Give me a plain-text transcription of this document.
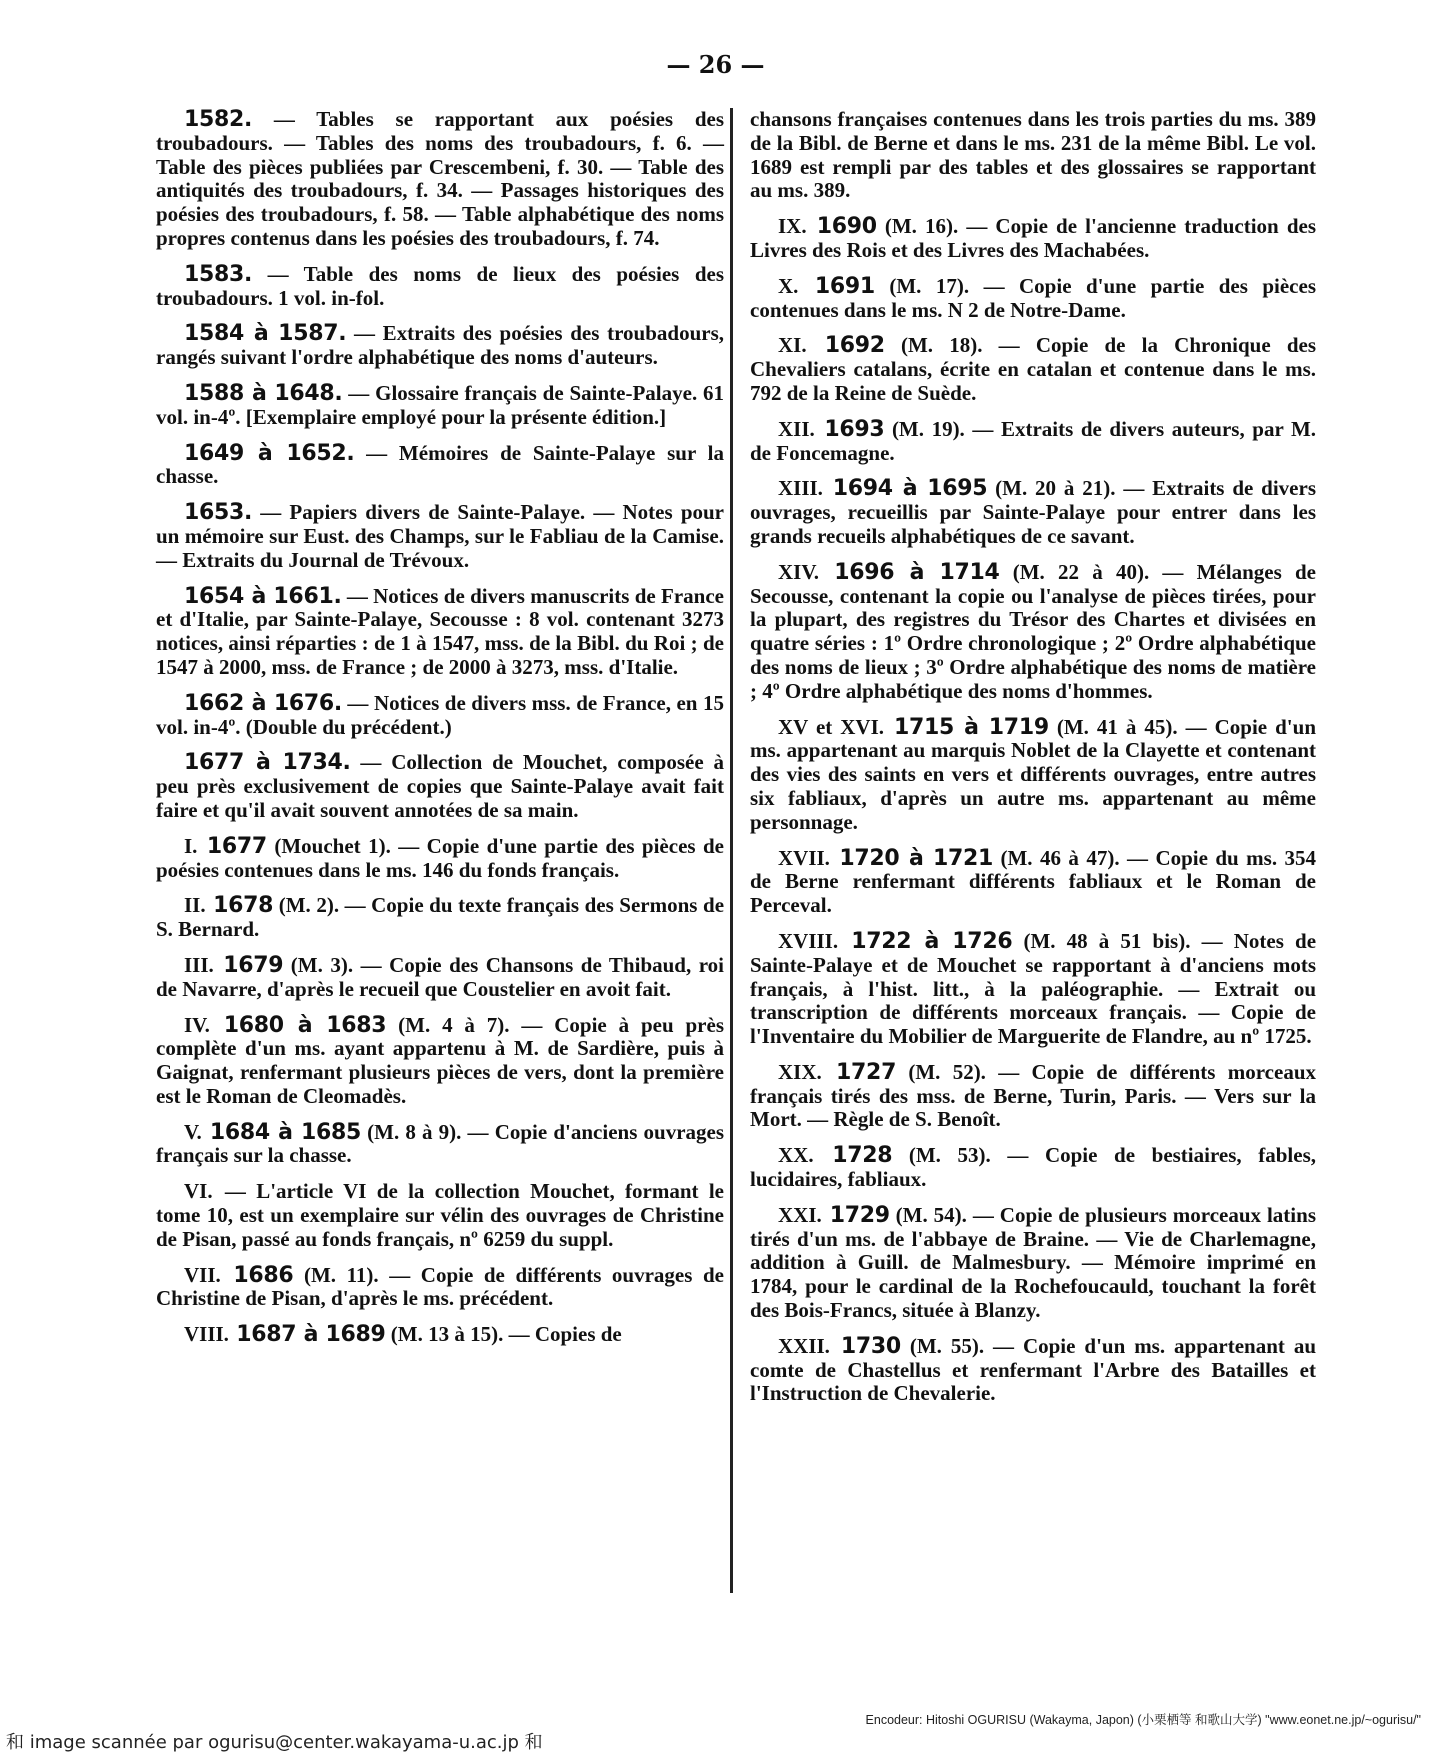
— 26 —

1582. — Tables se rapportant aux poésies des troubadours. — Tables des noms des troubadours, f. 6. — Table des pièces publiées par Crescembeni, f. 30. — Table des antiquités des troubadours, f. 34. — Passages historiques des poésies des troubadours, f. 58. — Table alphabétique des noms propres contenus dans les poésies des troubadours, f. 74.

1583. — Table des noms de lieux des poésies des troubadours. 1 vol. in-fol.

1584 à 1587. — Extraits des poésies des troubadours, rangés suivant l'ordre alphabétique des noms d'auteurs.

1588 à 1648. — Glossaire français de Sainte-Palaye. 61 vol. in-4º. [Exemplaire employé pour la présente édition.]

1649 à 1652. — Mémoires de Sainte-Palaye sur la chasse.

1653. — Papiers divers de Sainte-Palaye. — Notes pour un mémoire sur Eust. des Champs, sur le Fabliau de la Camise. — Extraits du Journal de Trévoux.

1654 à 1661. — Notices de divers manuscrits de France et d'Italie, par Sainte-Palaye, Secousse : 8 vol. contenant 3273 notices, ainsi réparties : de 1 à 1547, mss. de la Bibl. du Roi ; de 1547 à 2000, mss. de France ; de 2000 à 3273, mss. d'Italie.

1662 à 1676. — Notices de divers mss. de France, en 15 vol. in-4º. (Double du précédent.)

1677 à 1734. — Collection de Mouchet, composée à peu près exclusivement de copies que Sainte-Palaye avait fait faire et qu'il avait souvent annotées de sa main.

I. 1677 (Mouchet 1). — Copie d'une partie des pièces de poésies contenues dans le ms. 146 du fonds français.

II. 1678 (M. 2). — Copie du texte français des Sermons de S. Bernard.

III. 1679 (M. 3). — Copie des Chansons de Thibaud, roi de Navarre, d'après le recueil que Coustelier en avoit fait.

IV. 1680 à 1683 (M. 4 à 7). — Copie à peu près complète d'un ms. ayant appartenu à M. de Sardière, puis à Gaignat, renfermant plusieurs pièces de vers, dont la première est le Roman de Cleomadès.

V. 1684 à 1685 (M. 8 à 9). — Copie d'anciens ouvrages français sur la chasse.

VI. — L'article VI de la collection Mouchet, formant le tome 10, est un exemplaire sur vélin des ouvrages de Christine de Pisan, passé au fonds français, nº 6259 du suppl.

VII. 1686 (M. 11). — Copie de différents ouvrages de Christine de Pisan, d'après le ms. précédent.

VIII. 1687 à 1689 (M. 13 à 15). — Copies de

chansons françaises contenues dans les trois parties du ms. 389 de la Bibl. de Berne et dans le ms. 231 de la même Bibl. Le vol. 1689 est rempli par des tables et des glossaires se rapportant au ms. 389.

IX. 1690 (M. 16). — Copie de l'ancienne traduction des Livres des Rois et des Livres des Machabées.

X. 1691 (M. 17). — Copie d'une partie des pièces contenues dans le ms. N 2 de Notre-Dame.

XI. 1692 (M. 18). — Copie de la Chronique des Chevaliers catalans, écrite en catalan et contenue dans le ms. 792 de la Reine de Suède.

XII. 1693 (M. 19). — Extraits de divers auteurs, par M. de Foncemagne.

XIII. 1694 à 1695 (M. 20 à 21). — Extraits de divers ouvrages, recueillis par Sainte-Palaye pour entrer dans les grands recueils alphabétiques de ce savant.

XIV. 1696 à 1714 (M. 22 à 40). — Mélanges de Secousse, contenant la copie ou l'analyse de pièces tirées, pour la plupart, des registres du Trésor des Chartes et divisées en quatre séries : 1º Ordre chronologique ; 2º Ordre alphabétique des noms de lieux ; 3º Ordre alphabétique des noms de matière ; 4º Ordre alphabétique des noms d'hommes.

XV et XVI. 1715 à 1719 (M. 41 à 45). — Copie d'un ms. appartenant au marquis Noblet de la Clayette et contenant des vies des saints en vers et différents ouvrages, entre autres six fabliaux, d'après un autre ms. appartenant au même personnage.

XVII. 1720 à 1721 (M. 46 à 47). — Copie du ms. 354 de Berne renfermant différents fabliaux et le Roman de Perceval.

XVIII. 1722 à 1726 (M. 48 à 51 bis). — Notes de Sainte-Palaye et de Mouchet se rapportant à d'anciens mots français, à l'hist. litt., à la paléographie. — Extrait ou transcription de différents morceaux français. — Copie de l'Inventaire du Mobilier de Marguerite de Flandre, au nº 1725.

XIX. 1727 (M. 52). — Copie de différents morceaux français tirés des mss. de Berne, Turin, Paris. — Vers sur la Mort. — Règle de S. Benoît.

XX. 1728 (M. 53). — Copie de bestiaires, fables, lucidaires, fabliaux.

XXI. 1729 (M. 54). — Copie de plusieurs morceaux latins tirés d'un ms. de l'abbaye de Braine. — Vie de Charlemagne, addition à Guill. de Malmesbury. — Mémoire imprimé en 1784, pour le cardinal de la Rochefoucauld, touchant la forêt des Bois-Francs, située à Blanzy.

XXII. 1730 (M. 55). — Copie d'un ms. appartenant au comte de Chastellus et renfermant l'Arbre des Batailles et l'Instruction de Chevalerie.

Encodeur: Hitoshi OGURISU (Wakayma, Japon) (小栗栖等 和歌山大学) "www.eonet.ne.jp/~ogurisu/"
和 image scannée par ogurisu@center.wakayama-u.ac.jp 和
